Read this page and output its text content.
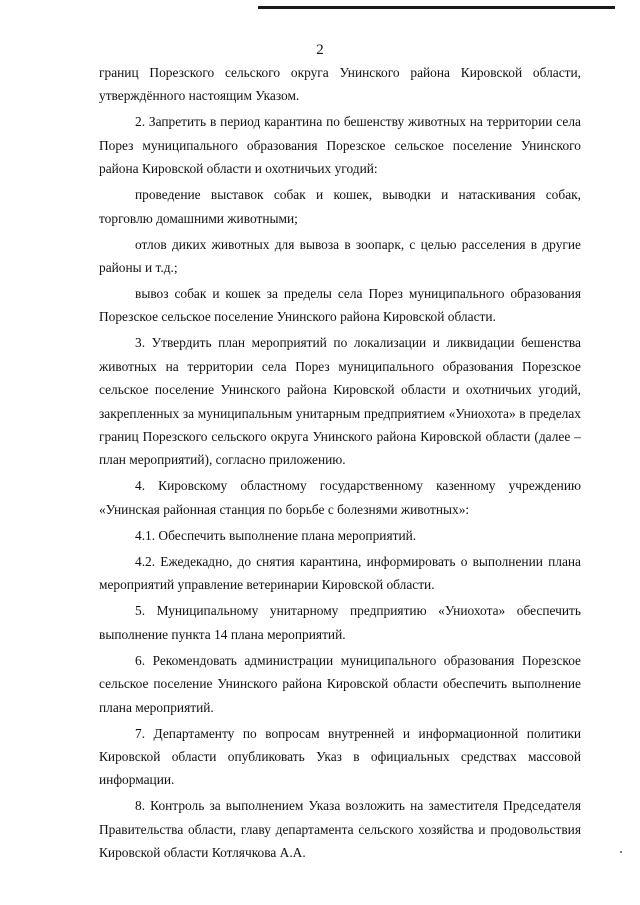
2

границ Порезского сельского округа Унинского района Кировской области, утверждённого настоящим Указом.

2. Запретить в период карантина по бешенству животных на территории села Порез муниципального образования Порезское сельское поселение Унинского района Кировской области и охотничьих угодий:

проведение выставок собак и кошек, выводки и натаскивания собак, торговлю домашними животными;

отлов диких животных для вывоза в зоопарк, с целью расселения в другие районы и т.д.;

вывоз собак и кошек за пределы села Порез муниципального образования Порезское сельское поселение Унинского района Кировской области.

3. Утвердить план мероприятий по локализации и ликвидации бешенства животных на территории села Порез муниципального образования Порезское сельское поселение Унинского района Кировской области и охотничьих угодий, закрепленных за муниципальным унитарным предприятием «Униохота» в пределах границ Порезского сельского округа Унинского района Кировской области (далее – план мероприятий), согласно приложению.

4. Кировскому областному государственному казенному учреждению «Унинская районная станция по борьбе с болезнями животных»:

4.1. Обеспечить выполнение плана мероприятий.

4.2. Ежедекадно, до снятия карантина, информировать о выполнении плана мероприятий управление ветеринарии Кировской области.

5. Муниципальному унитарному предприятию «Униохота» обеспечить выполнение пункта 14 плана мероприятий.

6. Рекомендовать администрации муниципального образования Порезское сельское поселение Унинского района Кировской области обеспечить выполнение плана мероприятий.

7. Департаменту по вопросам внутренней и информационной политики Кировской области опубликовать Указ в официальных средствах массовой информации.

8. Контроль за выполнением Указа возложить на заместителя Председателя Правительства области, главу департамента сельского хозяйства и продовольствия Кировской области Котлячкова А.А.
